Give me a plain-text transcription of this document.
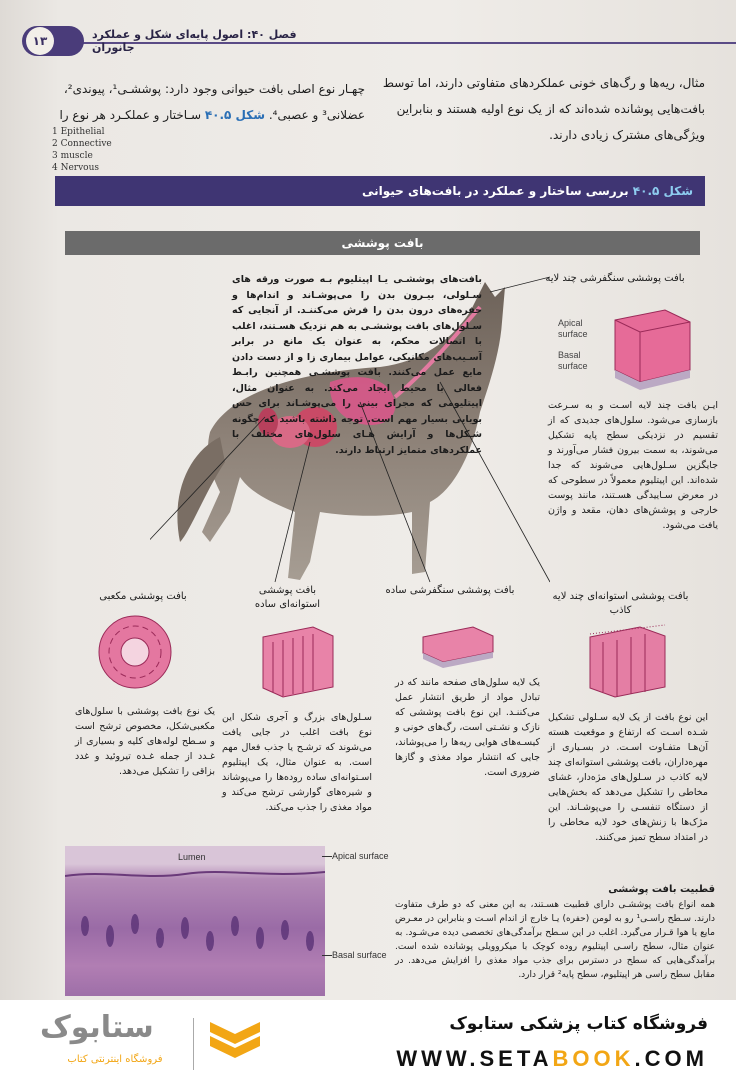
۱۳	فصل ۴۰: اصول پایه‌ای شکل و عملکرد جانوران
مثال، ریه‌ها و رگ‌های خونی عملکردهای متفاوتی دارند، اما توسط بافت‌هایی پوشانده شده‌اند که از یک نوع اولیه هستند و بنابراین ویژگی‌های مشترک زیادی دارند.
چهـار نوع اصلی بافت حیوانی وجود دارد: پوششـی¹، پیوندی²،
عضلانی³ و عصبی⁴. شکل ۴۰.۵ سـاختار و عملکـرد هر نوع را
1 Epithelial
2 Connective
3 muscle
4 Nervous
شکل ۴۰.۵ بررسی ساختار و عملکرد در بافت‌های حیوانی
بافت پوششی
بافت‌های پوششـی یـا اپیتلیوم بـه صورت ورقه های سـلولی، بیـرون بدن را می‌پوشـاند و اندام‌ها و حفره‌های درون بدن را فرش می‌کننـد. از آنجایی که سـلول‌های بافت پوششـی به هم نزدیک هسـتند، اغلب با اتصالات محکم، به عنوان یک مانع در برابر آسـیب‌های مکانیکی، عوامل بیماری زا و از دست دادن مایع عمل می‌کنند. بافت پوششـی همچنین رابـط فعالی با محیط ایجاد می‌کند. به عنوان مثال، اپیتلیومی که مجرای بینی را می‌پوشـاند برای حس بویایی بسیار مهم است. توجه داشته باشید که چگونه شـکل‌ها و آرایش هـای سلول‌های مختلف با عملکردهای متمایز ارتباط دارند.
بافت پوششی سنگفرشی چند لایه
Apical surface
Basal surface
ایـن بافت چند لایه اسـت و به سـرعت بازسازی می‌شود. سلول‌های جدیدی که از تقسیم در نزدیکی سطح پایه تشکیل می‌شوند، به سمت بیرون فشار می‌آورند و جایگزین سـلول‌هایی می‌شوند که جدا شده‌اند. این اپیتلیوم معمولاً در سطوحی که در معرض سـاییدگی هسـتند، مانند پوست خارجی و پوشش‌های دهان، مقعد و واژن یافت می‌شود.
بافت پوششی مکعبی
یک نوع بافت پوششی با سلول‌های مکعبی‌شکل، مخصوص ترشح است و سـطح لوله‌های کلیه و بسیاری از غـدد از جمله غـده تیروئید و غدد بزاقی را تشکیل می‌دهد.
بافت پوششی استوانه‌ای ساده
سـلول‌های بزرگ و آجری شکل این نوع بافت اغلب در جایی یافت می‌شوند که ترشـح یا جذب فعال مهم است. به عنوان مثال، یک اپیتلیوم اسـتوانه‌ای ساده روده‌ها را می‌پوشاند و شیره‌های گوارشی ترشح می‌کند و مواد مغذی را جذب می‌کند.
بافت پوششی سنگفرشی ساده
یک لایه سلول‌های صفحه مانند که در تبادل مواد از طریق انتشار عمل می‌کننـد. این نوع بافت پوششی که نازک و نشـتی است، رگ‌های خونی و کیسـه‌های هوایی ریه‌ها را می‌پوشاند، جایی که انتشار مواد مغذی و گازها ضروری است.
بافت پوششی استوانه‌ای چند لایه کاذب
این نوع بافت از یک لایه سـلولی تشکیل شـده اسـت که ارتفاع و موقعیت هسته آن‌هـا متفـاوت اسـت. در بسـیاری از مهره‌داران، بافت پوششی استوانه‌ای چند لایه کاذب در سـلول‌های مژه‌دار، غشای مخاطی را تشکیل می‌دهد که بخش‌هایی از دستگاه تنفسـی را می‌پوشـاند. این مژک‌ها با زنش‌های خود لایه مخاطی را در امتداد سطح تمیز می‌کنند.
Lumen	Apical surface
Basal surface
قطبیت بافت پوششی
همه انواع بافت پوششـی دارای قطبیت هسـتند، به این معنی که دو طرف متفاوت دارند. سـطح راسـی¹ رو به لومن (حفره) یـا خارج از اندام اسـت و بنابراین در معـرض مایع یا هوا قـرار می‌گیرد. اغلب در این سـطح برآمدگی‌های تخصصی دیده می‌شـود. به عنوان مثال، سطح راسـی اپیتلیوم روده کوچک با میکروویلی پوشانده شده است. برآمدگی‌هایی که سطح در دسترس برای جذب مواد مغذی را افزایش می‌دهد. در مقابل سطح راسی هر اپیتلیوم، سطح پایه² قرار دارد.
ستابوک
فروشگاه اینترنتی کتاب
فروشگاه کتاب پزشکی ستابوک
WWW.SETABOOK.COM
